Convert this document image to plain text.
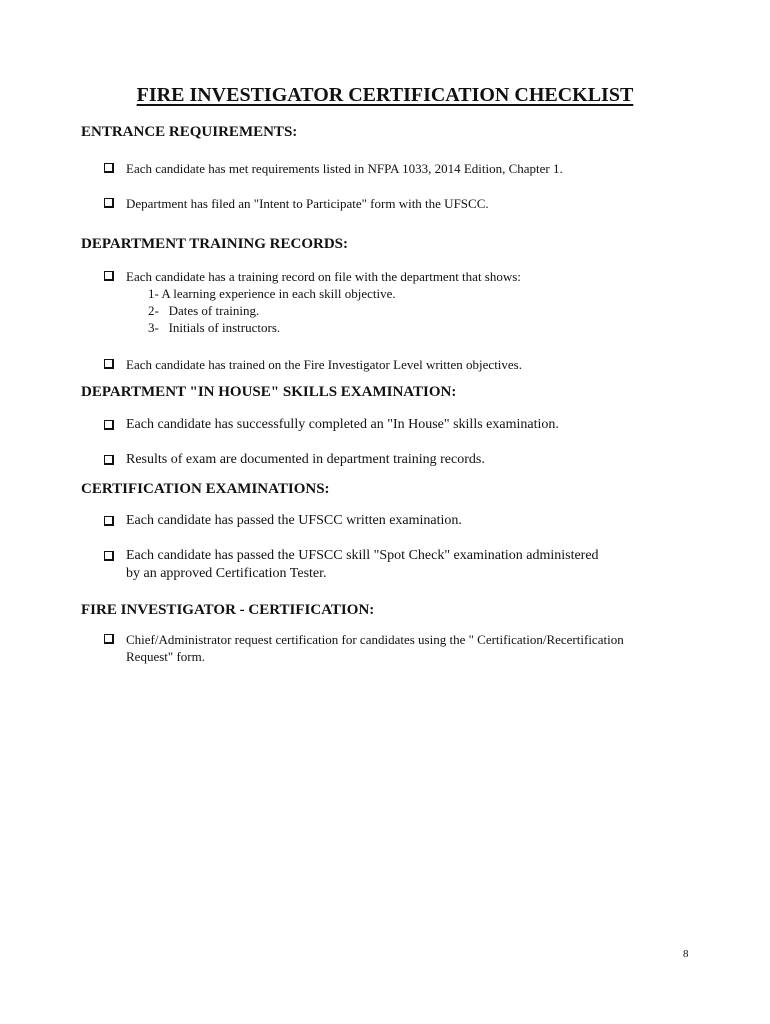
FIRE INVESTIGATOR CERTIFICATION CHECKLIST
ENTRANCE REQUIREMENTS:
Each candidate has met requirements listed in NFPA 1033, 2014 Edition, Chapter 1.
Department has filed an "Intent to Participate" form with the UFSCC.
DEPARTMENT TRAINING RECORDS:
Each candidate has a training record on file with the department that shows:
1- A learning experience in each skill objective.
2-   Dates of training.
3-   Initials of instructors.
Each candidate has trained on the Fire Investigator Level written objectives.
DEPARTMENT "IN HOUSE" SKILLS EXAMINATION:
Each candidate has successfully completed an "In House" skills examination.
Results of exam are documented in department training records.
CERTIFICATION EXAMINATIONS:
Each candidate has passed the UFSCC written examination.
Each candidate has passed the UFSCC skill "Spot Check" examination administered
by an approved Certification Tester.
FIRE INVESTIGATOR - CERTIFICATION:
Chief/Administrator request certification for candidates using the " Certification/Recertification
Request" form.
8
